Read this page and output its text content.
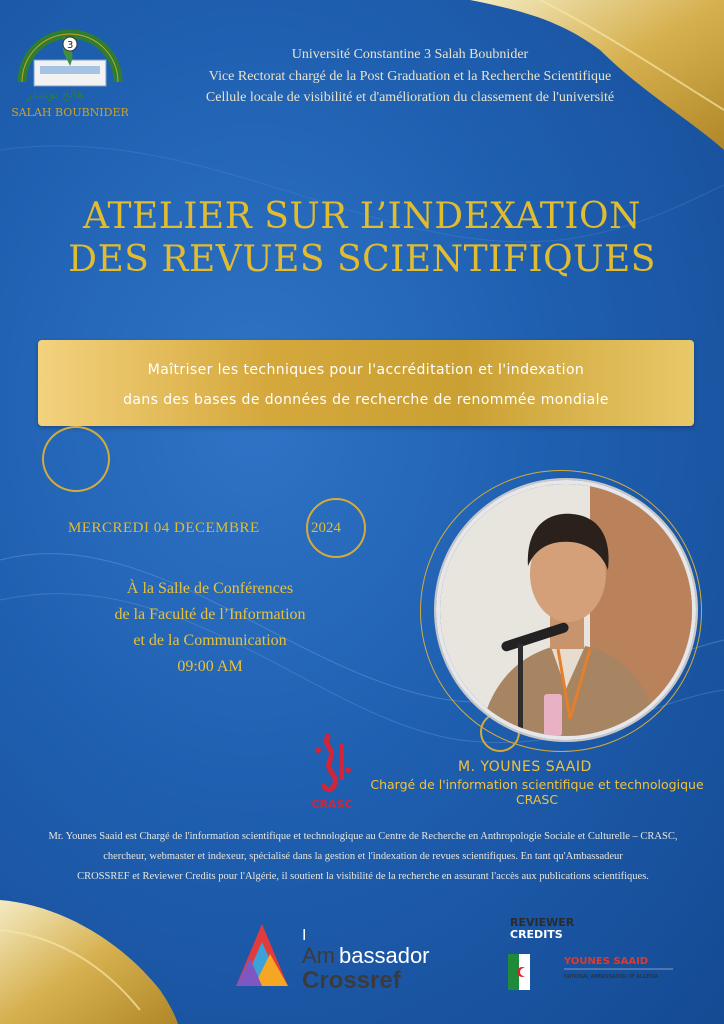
3
ﻫﺎﻟﺢ ﺑﻮﺑﻨﻴﺪﺭ
SALAH BOUBNIDER
Université Constantine 3 Salah Boubnider
Vice Rectorat chargé de la Post Graduation et la Recherche Scientifique
Cellule locale de visibilité et d'amélioration du classement de l'université
ATELIER SUR L’INDEXATION
DES REVUES SCIENTIFIQUES

Maîtriser les techniques pour l'accréditation et l'indexation

dans des bases de données de recherche de renommée mondiale

MERCREDI 04 DECEMBRE	2024
À la Salle de Conférences
de la Faculté de l’Information
et de la Communication
09:00 AM
M. YOUNES SAAID
Chargé de l'information scientifique et technologique
CRASC
CRASC
Mr. Younes Saaid est Chargé de l'information scientifique et technologique au Centre de Recherche en Anthropologie Sociale et Culturelle – CRASC,
chercheur, webmaster et indexeur, spécialisé dans la gestion et l'indexation de revues scientifiques. En tant qu'Ambassadeur
CROSSREF et Reviewer Credits pour l'Algérie, il soutient la visibilité de la recherche en assurant l'accès aux publications scientifiques.
I
Am bassador
Crossref
REVIEWER
CREDITS
YOUNES SAAID
NATIONAL AMBASSADOR OF ALGERIA
